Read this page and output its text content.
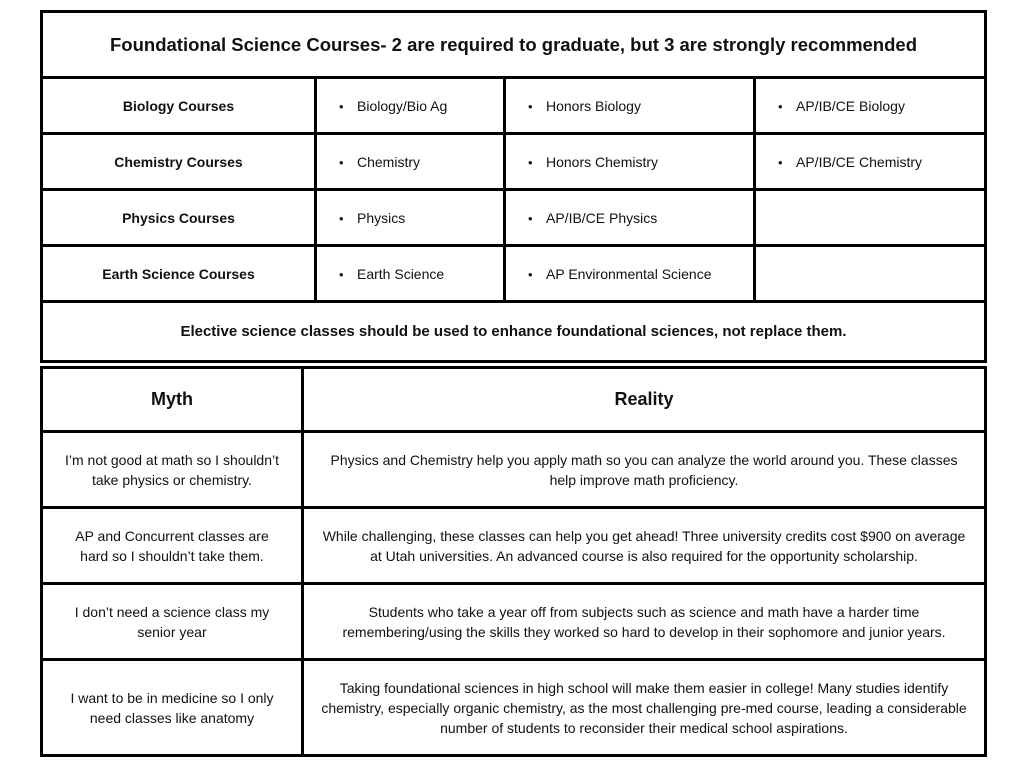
Foundational Science Courses- 2 are required to graduate, but 3 are strongly recommended			
Biology Courses	• Biology/Bio Ag	• Honors Biology	• AP/IB/CE Biology
Chemistry Courses	• Chemistry	• Honors Chemistry	• AP/IB/CE Chemistry
Physics Courses	• Physics	• AP/IB/CE Physics	
Earth Science Courses	• Earth Science	• AP Environmental Science	
Elective science classes should be used to enhance foundational sciences, not replace them.			
Myth	Reality
I’m not good at math so I shouldn’t take physics or chemistry.	Physics and Chemistry help you apply math so you can analyze the world around you. These classes help improve math proficiency.
AP and Concurrent classes are hard so I shouldn’t take them.	While challenging, these classes can help you get ahead! Three university credits cost $900 on average at Utah universities. An advanced course is also required for the opportunity scholarship.
I don’t need a science class my senior year	Students who take a year off from subjects such as science and math have a harder time remembering/using the skills they worked so hard to develop in their sophomore and junior years.
I want to be in medicine so I only need classes like anatomy	Taking foundational sciences in high school will make them easier in college! Many studies identify chemistry, especially organic chemistry, as the most challenging pre-med course, leading a considerable number of students to reconsider their medical school aspirations.
